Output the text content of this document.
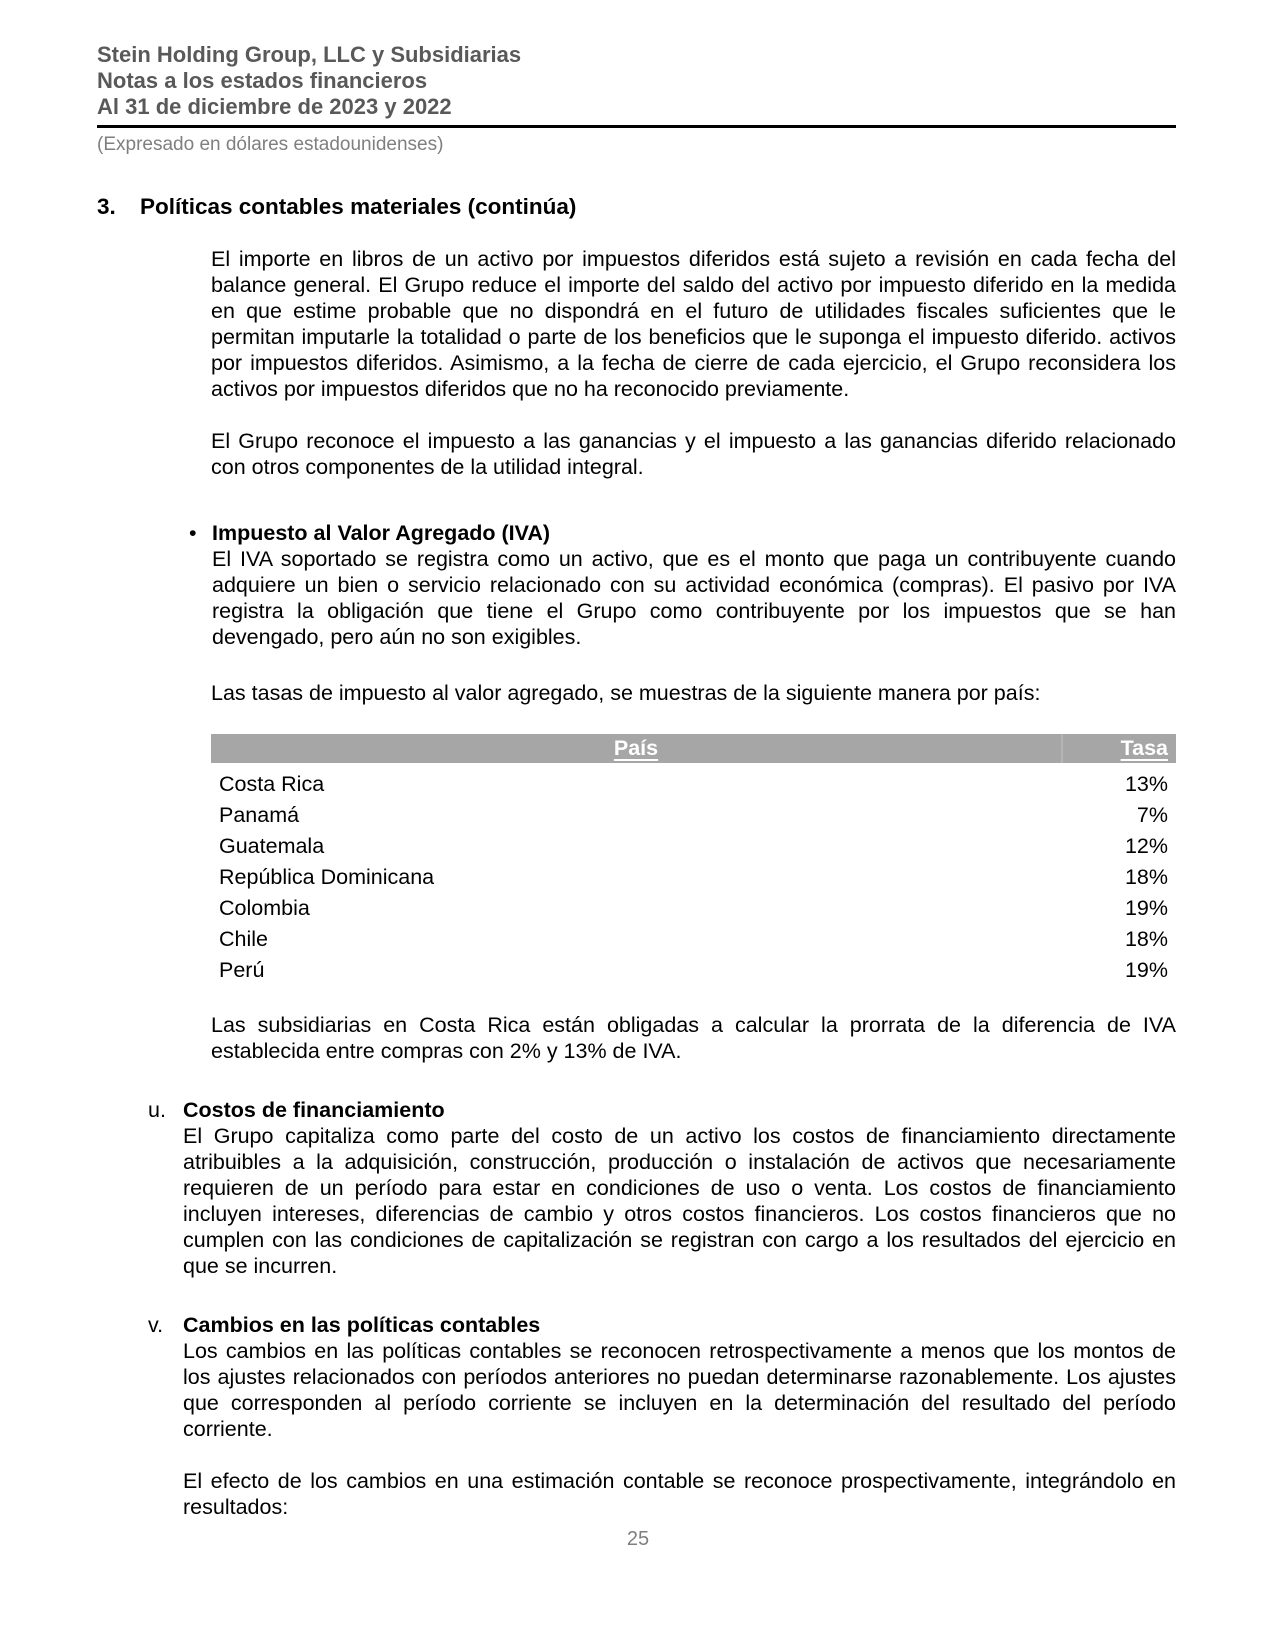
Stein Holding Group, LLC y Subsidiarias
Notas a los estados financieros
Al 31 de diciembre de 2023 y 2022
(Expresado en dólares estadounidenses)
3.	Políticas contables materiales (continúa)
El importe en libros de un activo por impuestos diferidos está sujeto a revisión en cada fecha del balance general. El Grupo reduce el importe del saldo del activo por impuesto diferido en la medida en que estime probable que no dispondrá en el futuro de utilidades fiscales suficientes que le permitan imputarle la totalidad o parte de los beneficios que le suponga el impuesto diferido. activos por impuestos diferidos. Asimismo, a la fecha de cierre de cada ejercicio, el Grupo reconsidera los activos por impuestos diferidos que no ha reconocido previamente.
El Grupo reconoce el impuesto a las ganancias y el impuesto a las ganancias diferido relacionado con otros componentes de la utilidad integral.
• Impuesto al Valor Agregado (IVA)
El IVA soportado se registra como un activo, que es el monto que paga un contribuyente cuando adquiere un bien o servicio relacionado con su actividad económica (compras). El pasivo por IVA registra la obligación que tiene el Grupo como contribuyente por los impuestos que se han devengado, pero aún no son exigibles.
Las tasas de impuesto al valor agregado, se muestras de la siguiente manera por país:
País	Tasa
Costa Rica	13%
Panamá	7%
Guatemala	12%
República Dominicana	18%
Colombia	19%
Chile	18%
Perú	19%
Las subsidiarias en Costa Rica están obligadas a calcular la prorrata de la diferencia de IVA establecida entre compras con 2% y 13% de IVA.
u. Costos de financiamiento
El Grupo capitaliza como parte del costo de un activo los costos de financiamiento directamente atribuibles a la adquisición, construcción, producción o instalación de activos que necesariamente requieren de un período para estar en condiciones de uso o venta. Los costos de financiamiento incluyen intereses, diferencias de cambio y otros costos financieros. Los costos financieros que no cumplen con las condiciones de capitalización se registran con cargo a los resultados del ejercicio en que se incurren.
v. Cambios en las políticas contables
Los cambios en las políticas contables se reconocen retrospectivamente a menos que los montos de los ajustes relacionados con períodos anteriores no puedan determinarse razonablemente. Los ajustes que corresponden al período corriente se incluyen en la determinación del resultado del período corriente.
El efecto de los cambios en una estimación contable se reconoce prospectivamente, integrándolo en resultados:
25
